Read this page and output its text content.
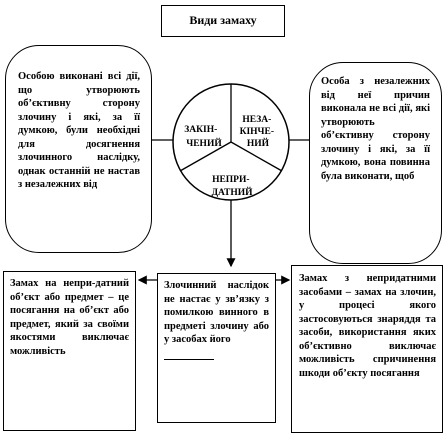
ЗАКІН- ЧЕНИЙ
НЕЗА- КІНЧЕ- НИЙ
НЕПРИ- ДАТНИЙ
Види замаху
Особою виконані всі дії, що утворюють об’єктивну сторону злочину і які, за її думкою, були необхідні для досягнення злочинного наслідку, однак останній не настав з незалежних від
Особа з незалежних від неї причин виконала не всі дії, які утворюють об’єктивну сторону злочину і які, за її думкою, вона повинна була виконати, щоб
Замах на непри-датний об’єкт або предмет – це посягання на об’єкт або предмет, який за своїми якостями виключає можливість
Злочинний наслідок не настає у зв’язку з помилкою винного в предметі злочину або у засобах його
Замах з непридатними засобами – замах на злочин, у процесі якого застосовуються знаряддя та засоби, використання яких об’єктивно виключає можливість спричинення шкоди об’єкту посягання
